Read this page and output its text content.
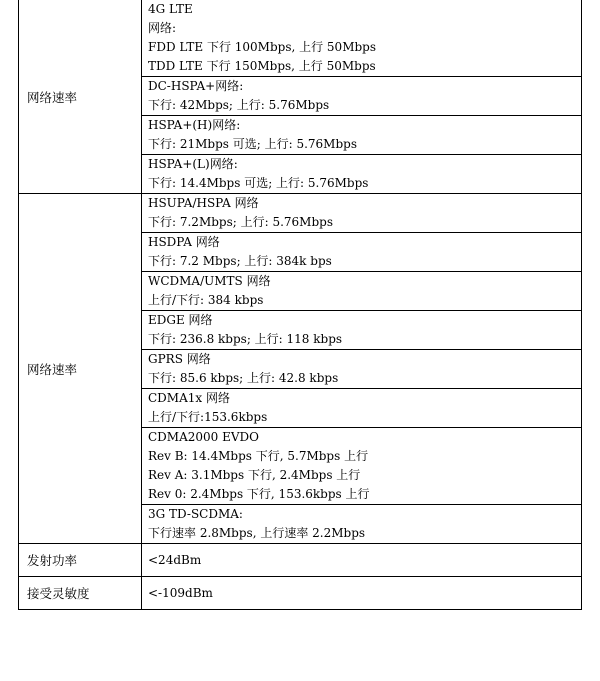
网络速率	4G LTE
网络:
FDD LTE 下行 100Mbps, 上行 50Mbps
TDD LTE 下行 150Mbps, 上行 50Mbps

	DC-HSPA+网络:
下行: 42Mbps; 上行: 5.76Mbps

	HSPA+(H)网络:
下行: 21Mbps 可选; 上行: 5.76Mbps

	HSPA+(L)网络:
下行: 14.4Mbps 可选; 上行: 5.76Mbps

网络速率	HSUPA/HSPA 网络
下行: 7.2Mbps; 上行: 5.76Mbps

	HSDPA 网络
下行: 7.2 Mbps; 上行: 384k bps

	WCDMA/UMTS 网络
上行/下行: 384 kbps

	EDGE 网络
下行: 236.8 kbps; 上行: 118 kbps

	GPRS 网络
下行: 85.6 kbps; 上行: 42.8 kbps

	CDMA1x 网络
上行/下行:153.6kbps

	CDMA2000 EVDO
Rev B: 14.4Mbps 下行, 5.7Mbps 上行
Rev A: 3.1Mbps 下行, 2.4Mbps 上行
Rev 0: 2.4Mbps 下行, 153.6kbps 上行

	3G TD-SCDMA:
下行速率 2.8Mbps, 上行速率 2.2Mbps

发射功率	<24dBm

接受灵敏度	<-109dBm
